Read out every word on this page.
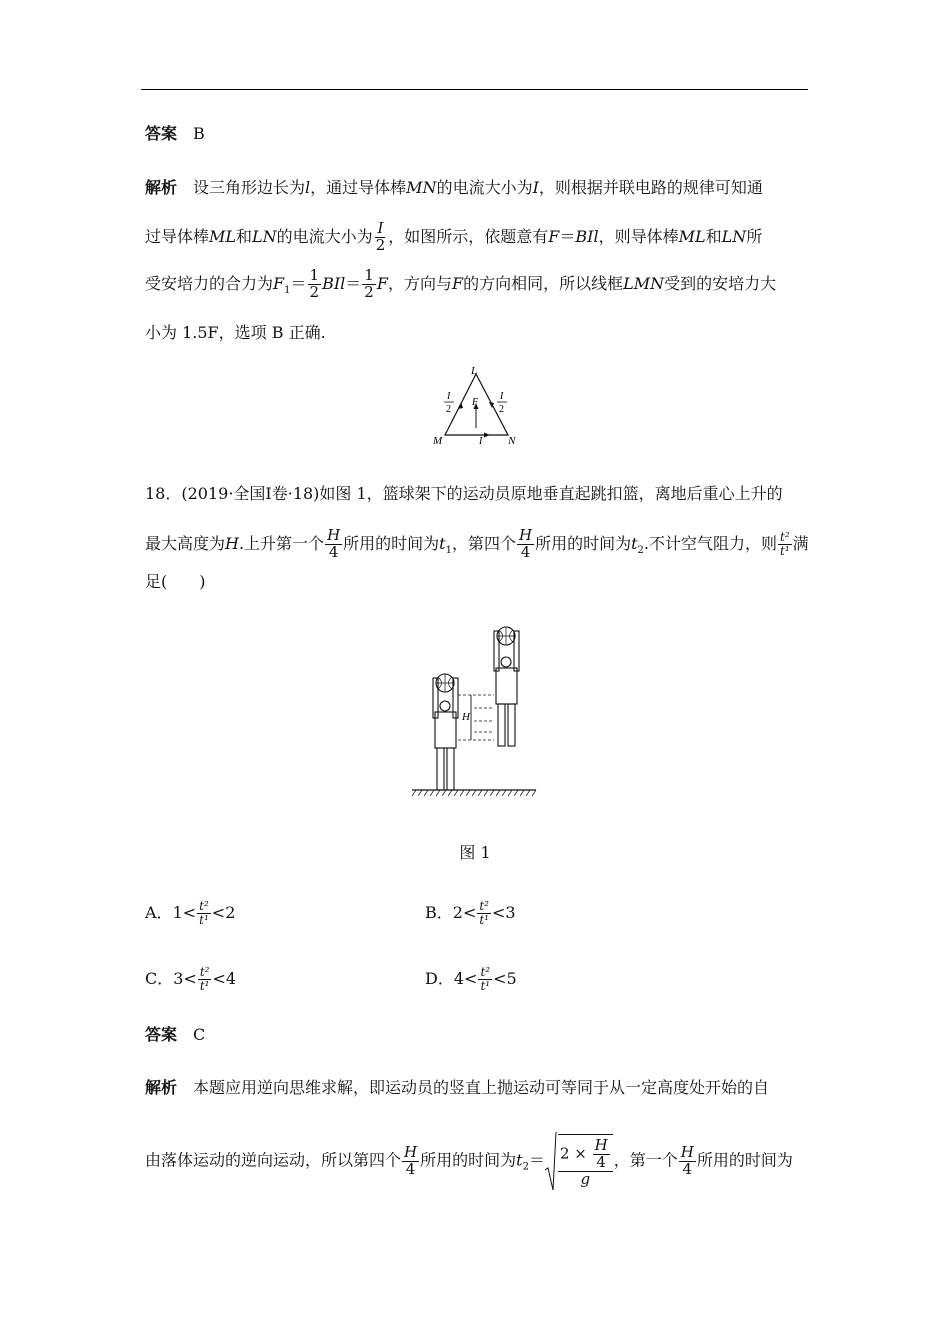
答案 B
解析 设三角形边长为l，通过导体棒MN的电流大小为I，则根据并联电路的规律可知通
过导体棒ML和LN的电流大小为 $\frac{I}{2}$ ，如图所示，依题意有F＝BIl，则导体棒ML和LN所
受安培力的合力为$F_1= \frac{1}{2} BIl= \frac{1}{2}$ F，方向与F的方向相同，所以线框LMN受到的安培力大
小为 1.5F，选项 B 正确.
L
M	N
F
I
I
2
I
2
18．(2019·全国Ⅰ卷·18)如图 1，篮球架下的运动员原地垂直起跳扣篮，离地后重心上升的
最大高度为H.上升第一个 $\frac{H}{4}$ 所用的时间为$t_1$，第四个 $\frac{H}{4}$ 所用的时间为$t_2$.不计空气阻力，则 $\frac{\text{t²}}{\text{t¹}}$ 满
足(　　)
H
图 1
A．$1< \frac{\text{t²}}{\text{t¹}} <2$	B．$2< \frac{\text{t²}}{\text{t¹}} <3$
C．$3< \frac{\text{t²}}{\text{t¹}} <4$	D．$4< \frac{\text{t²}}{\text{t¹}} <5$
答案 C
解析 本题应用逆向思维求解，即运动员的竖直上抛运动可等同于从一定高度处开始的自
由落体运动的逆向运动，所以第四个 $\frac{H}{4}$ 所用的时间为$t_2= \frac{2 \times \frac{H}{4}}{g}$ ，第一个 $\frac{H}{4}$ 所用的时间为
